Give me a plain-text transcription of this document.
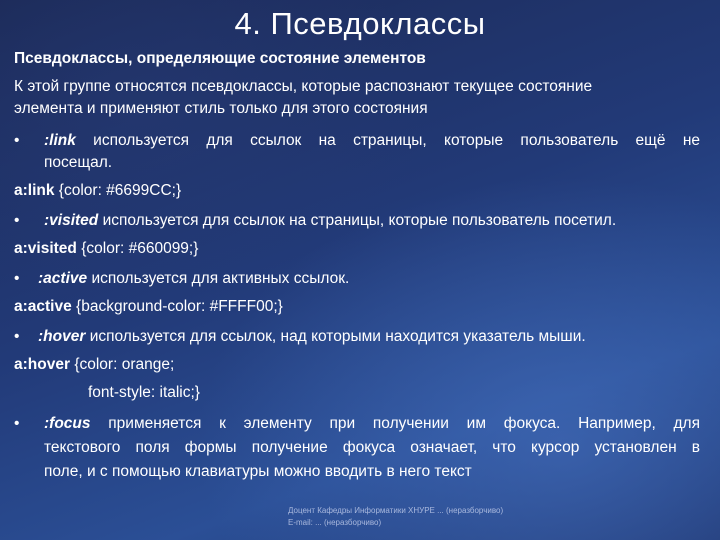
4. Псевдоклассы
Псевдоклассы, определяющие состояние элементов
К этой группе относятся псевдоклассы, которые распознают текущее состояние
элемента и применяют стиль только для этого состояния
• :link используется для ссылок на страницы, которые пользователь ещё не
посещал.
a:link {color: #6699CC;}
• :visited используется для ссылок на страницы, которые пользователь посетил.
a:visited {color: #660099;}
• :active используется для активных ссылок.
a:active {background-color: #FFFF00;}
• :hover используется для ссылок, над которыми находится указатель мыши.
a:hover {color: orange;
font-style: italic;}
• :focus применяется к элементу при получении им фокуса. Например, для
текстового поля формы получение фокуса означает, что курсор установлен в
поле, и с помощью клавиатуры можно вводить в него текст
Доцент Кафедры Информатики ХНУРЕ ... (неразборчиво)
E-mail: ... (неразборчиво)
